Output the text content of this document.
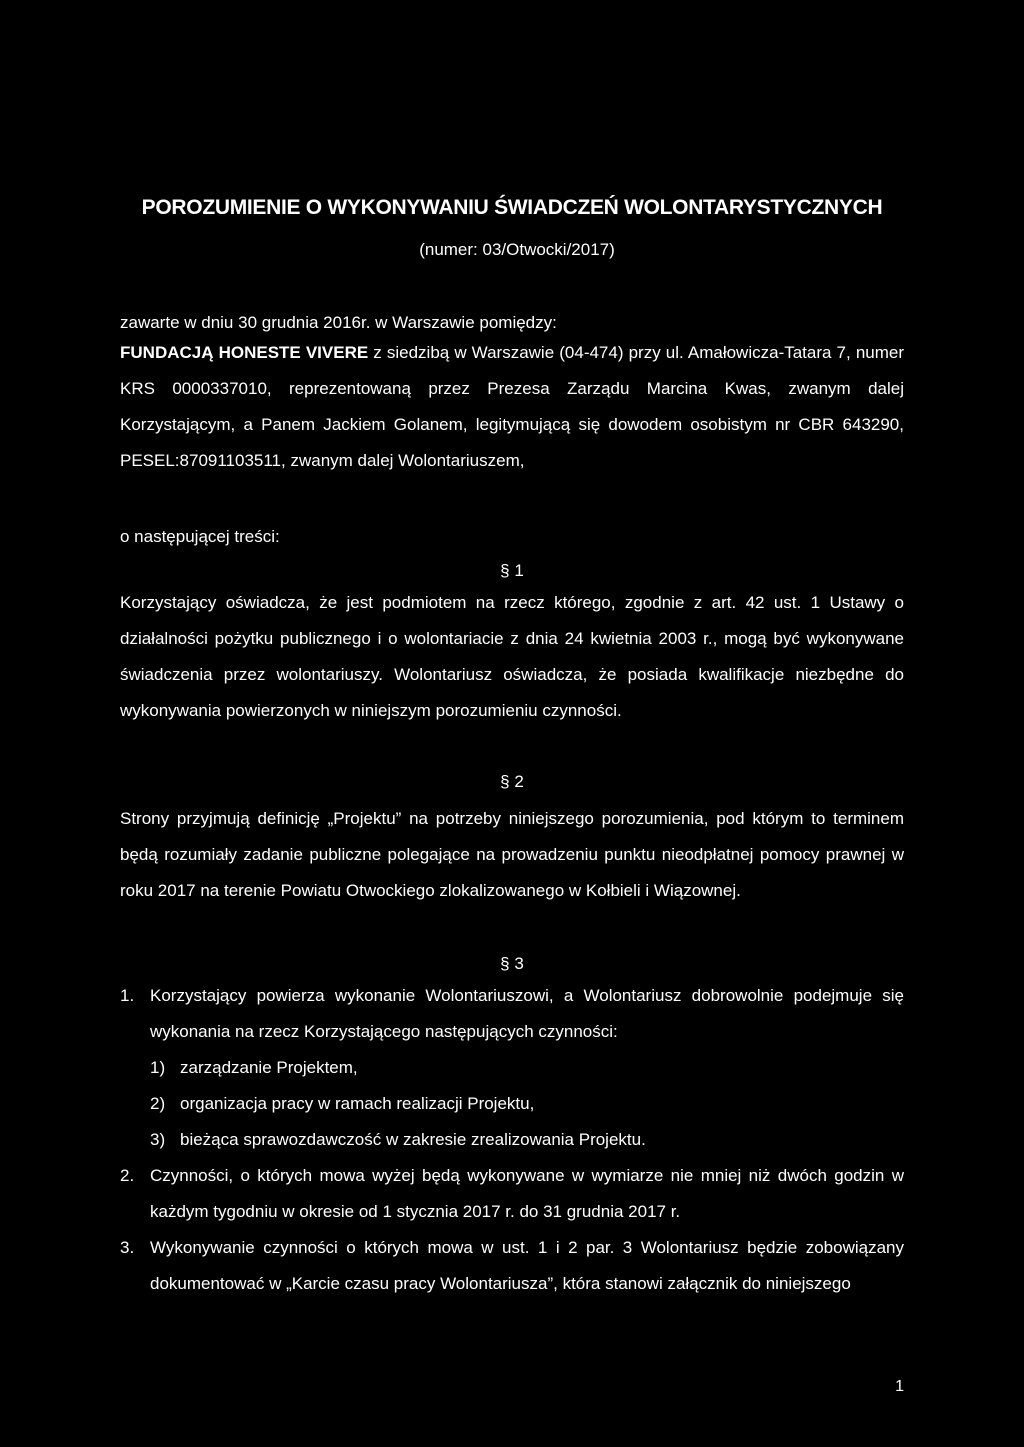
POROZUMIENIE O WYKONYWANIU ŚWIADCZEŃ WOLONTARYSTYCZNYCH
(numer: 03/Otwocki/2017)
zawarte w dniu 30 grudnia 2016r. w Warszawie pomiędzy:
FUNDACJĄ HONESTE VIVERE z siedzibą w Warszawie (04-474) przy ul. Amałowicza-Tatara 7, numer KRS 0000337010, reprezentowaną przez Prezesa Zarządu Marcina Kwas, zwanym dalej Korzystającym, a Panem Jackiem Golanem, legitymującą się dowodem osobistym nr CBR 643290, PESEL:87091103511, zwanym dalej Wolontariuszem,
o następującej treści:
§ 1
Korzystający oświadcza, że jest podmiotem na rzecz którego, zgodnie z art. 42 ust. 1 Ustawy o działalności pożytku publicznego i o wolontariacie z dnia 24 kwietnia 2003 r., mogą być wykonywane świadczenia przez wolontariuszy. Wolontariusz oświadcza, że posiada kwalifikacje niezbędne do wykonywania powierzonych w niniejszym porozumieniu czynności.
§ 2
Strony przyjmują definicję „Projektu” na potrzeby niniejszego porozumienia, pod którym to terminem będą rozumiały zadanie publiczne polegające na prowadzeniu punktu nieodpłatnej pomocy prawnej w roku 2017 na terenie Powiatu Otwockiego zlokalizowanego w Kołbieli i Wiązownej.
§ 3
1. Korzystający powierza wykonanie Wolontariuszowi, a Wolontariusz dobrowolnie podejmuje się wykonania na rzecz Korzystającego następujących czynności:
1) zarządzanie Projektem,
2) organizacja pracy w ramach realizacji Projektu,
3) bieżąca sprawozdawczość w zakresie zrealizowania Projektu.
2. Czynności, o których mowa wyżej będą wykonywane w wymiarze nie mniej niż dwóch godzin w każdym tygodniu w okresie od 1 stycznia 2017 r. do 31 grudnia 2017 r.
3. Wykonywanie czynności o których mowa w ust. 1 i 2 par. 3 Wolontariusz będzie zobowiązany dokumentować w „Karcie czasu pracy Wolontariusza”, która stanowi załącznik do niniejszego
1
